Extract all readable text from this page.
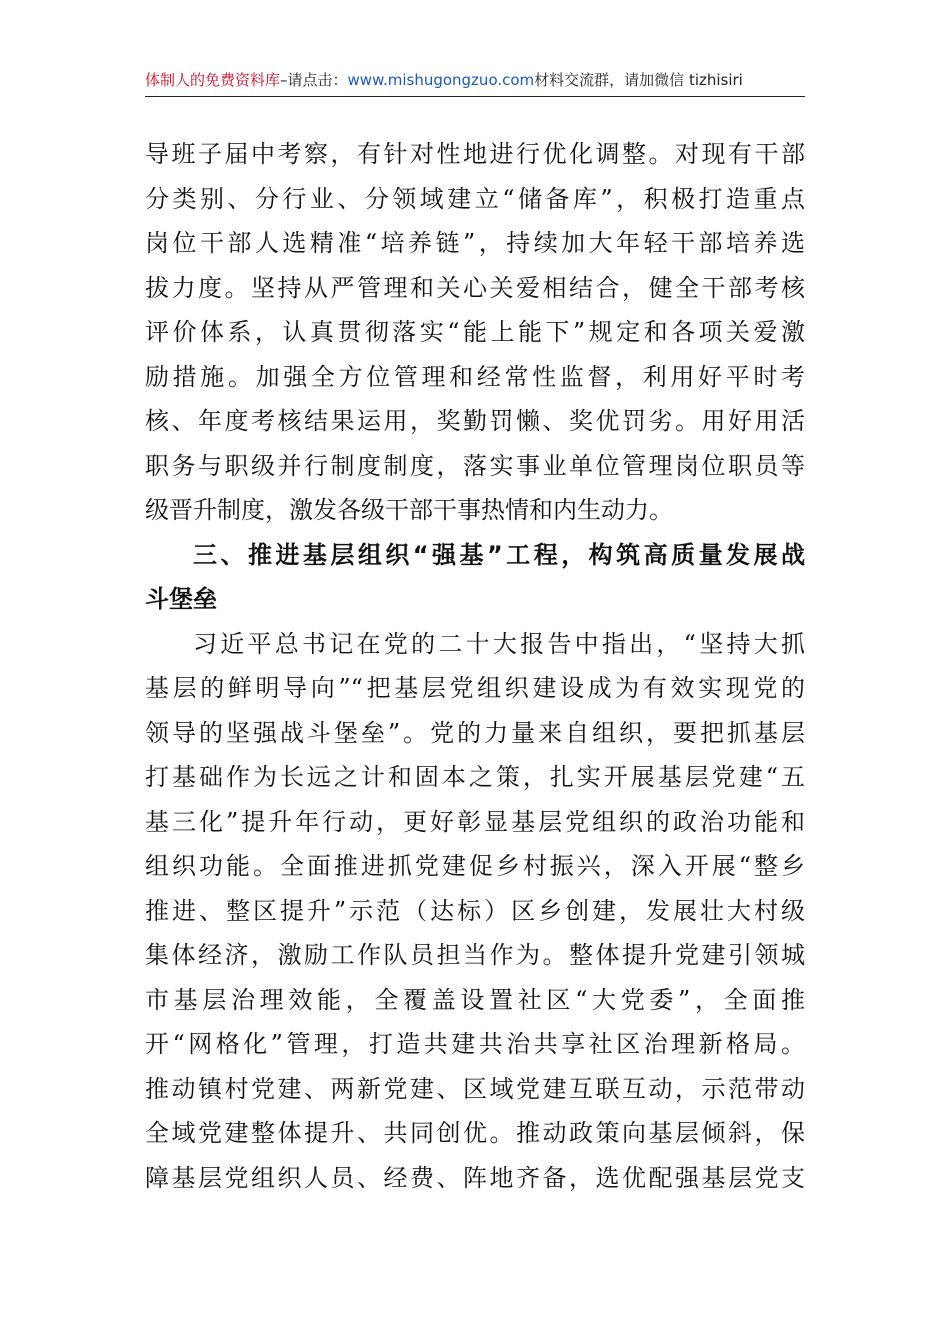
体制人的免费资料库–请点击：www.mishugongzuo.com材料交流群，请加微信 tizhisiri
导班子届中考察，有针对性地进行优化调整。对现有干部
分类别、分行业、分领域建立“储备库”，积极打造重点
岗位干部人选精准“培养链”，持续加大年轻干部培养选
拔力度。坚持从严管理和关心关爱相结合，健全干部考核
评价体系，认真贯彻落实“能上能下”规定和各项关爱激
励措施。加强全方位管理和经常性监督，利用好平时考
核、年度考核结果运用，奖勤罚懒、奖优罚劣。用好用活
职务与职级并行制度制度，落实事业单位管理岗位职员等
级晋升制度，激发各级干部干事热情和内生动力。
三、推进基层组织“强基”工程，构筑高质量发展战
斗堡垒
习近平总书记在党的二十大报告中指出，“坚持大抓
基层的鲜明导向”“把基层党组织建设成为有效实现党的
领导的坚强战斗堡垒”。党的力量来自组织，要把抓基层
打基础作为长远之计和固本之策，扎实开展基层党建“五
基三化”提升年行动，更好彰显基层党组织的政治功能和
组织功能。全面推进抓党建促乡村振兴，深入开展“整乡
推进、整区提升”示范（达标）区乡创建，发展壮大村级
集体经济，激励工作队员担当作为。整体提升党建引领城
市基层治理效能，全覆盖设置社区“大党委”，全面推
开“网格化”管理，打造共建共治共享社区治理新格局。
推动镇村党建、两新党建、区域党建互联互动，示范带动
全域党建整体提升、共同创优。推动政策向基层倾斜，保
障基层党组织人员、经费、阵地齐备，选优配强基层党支
